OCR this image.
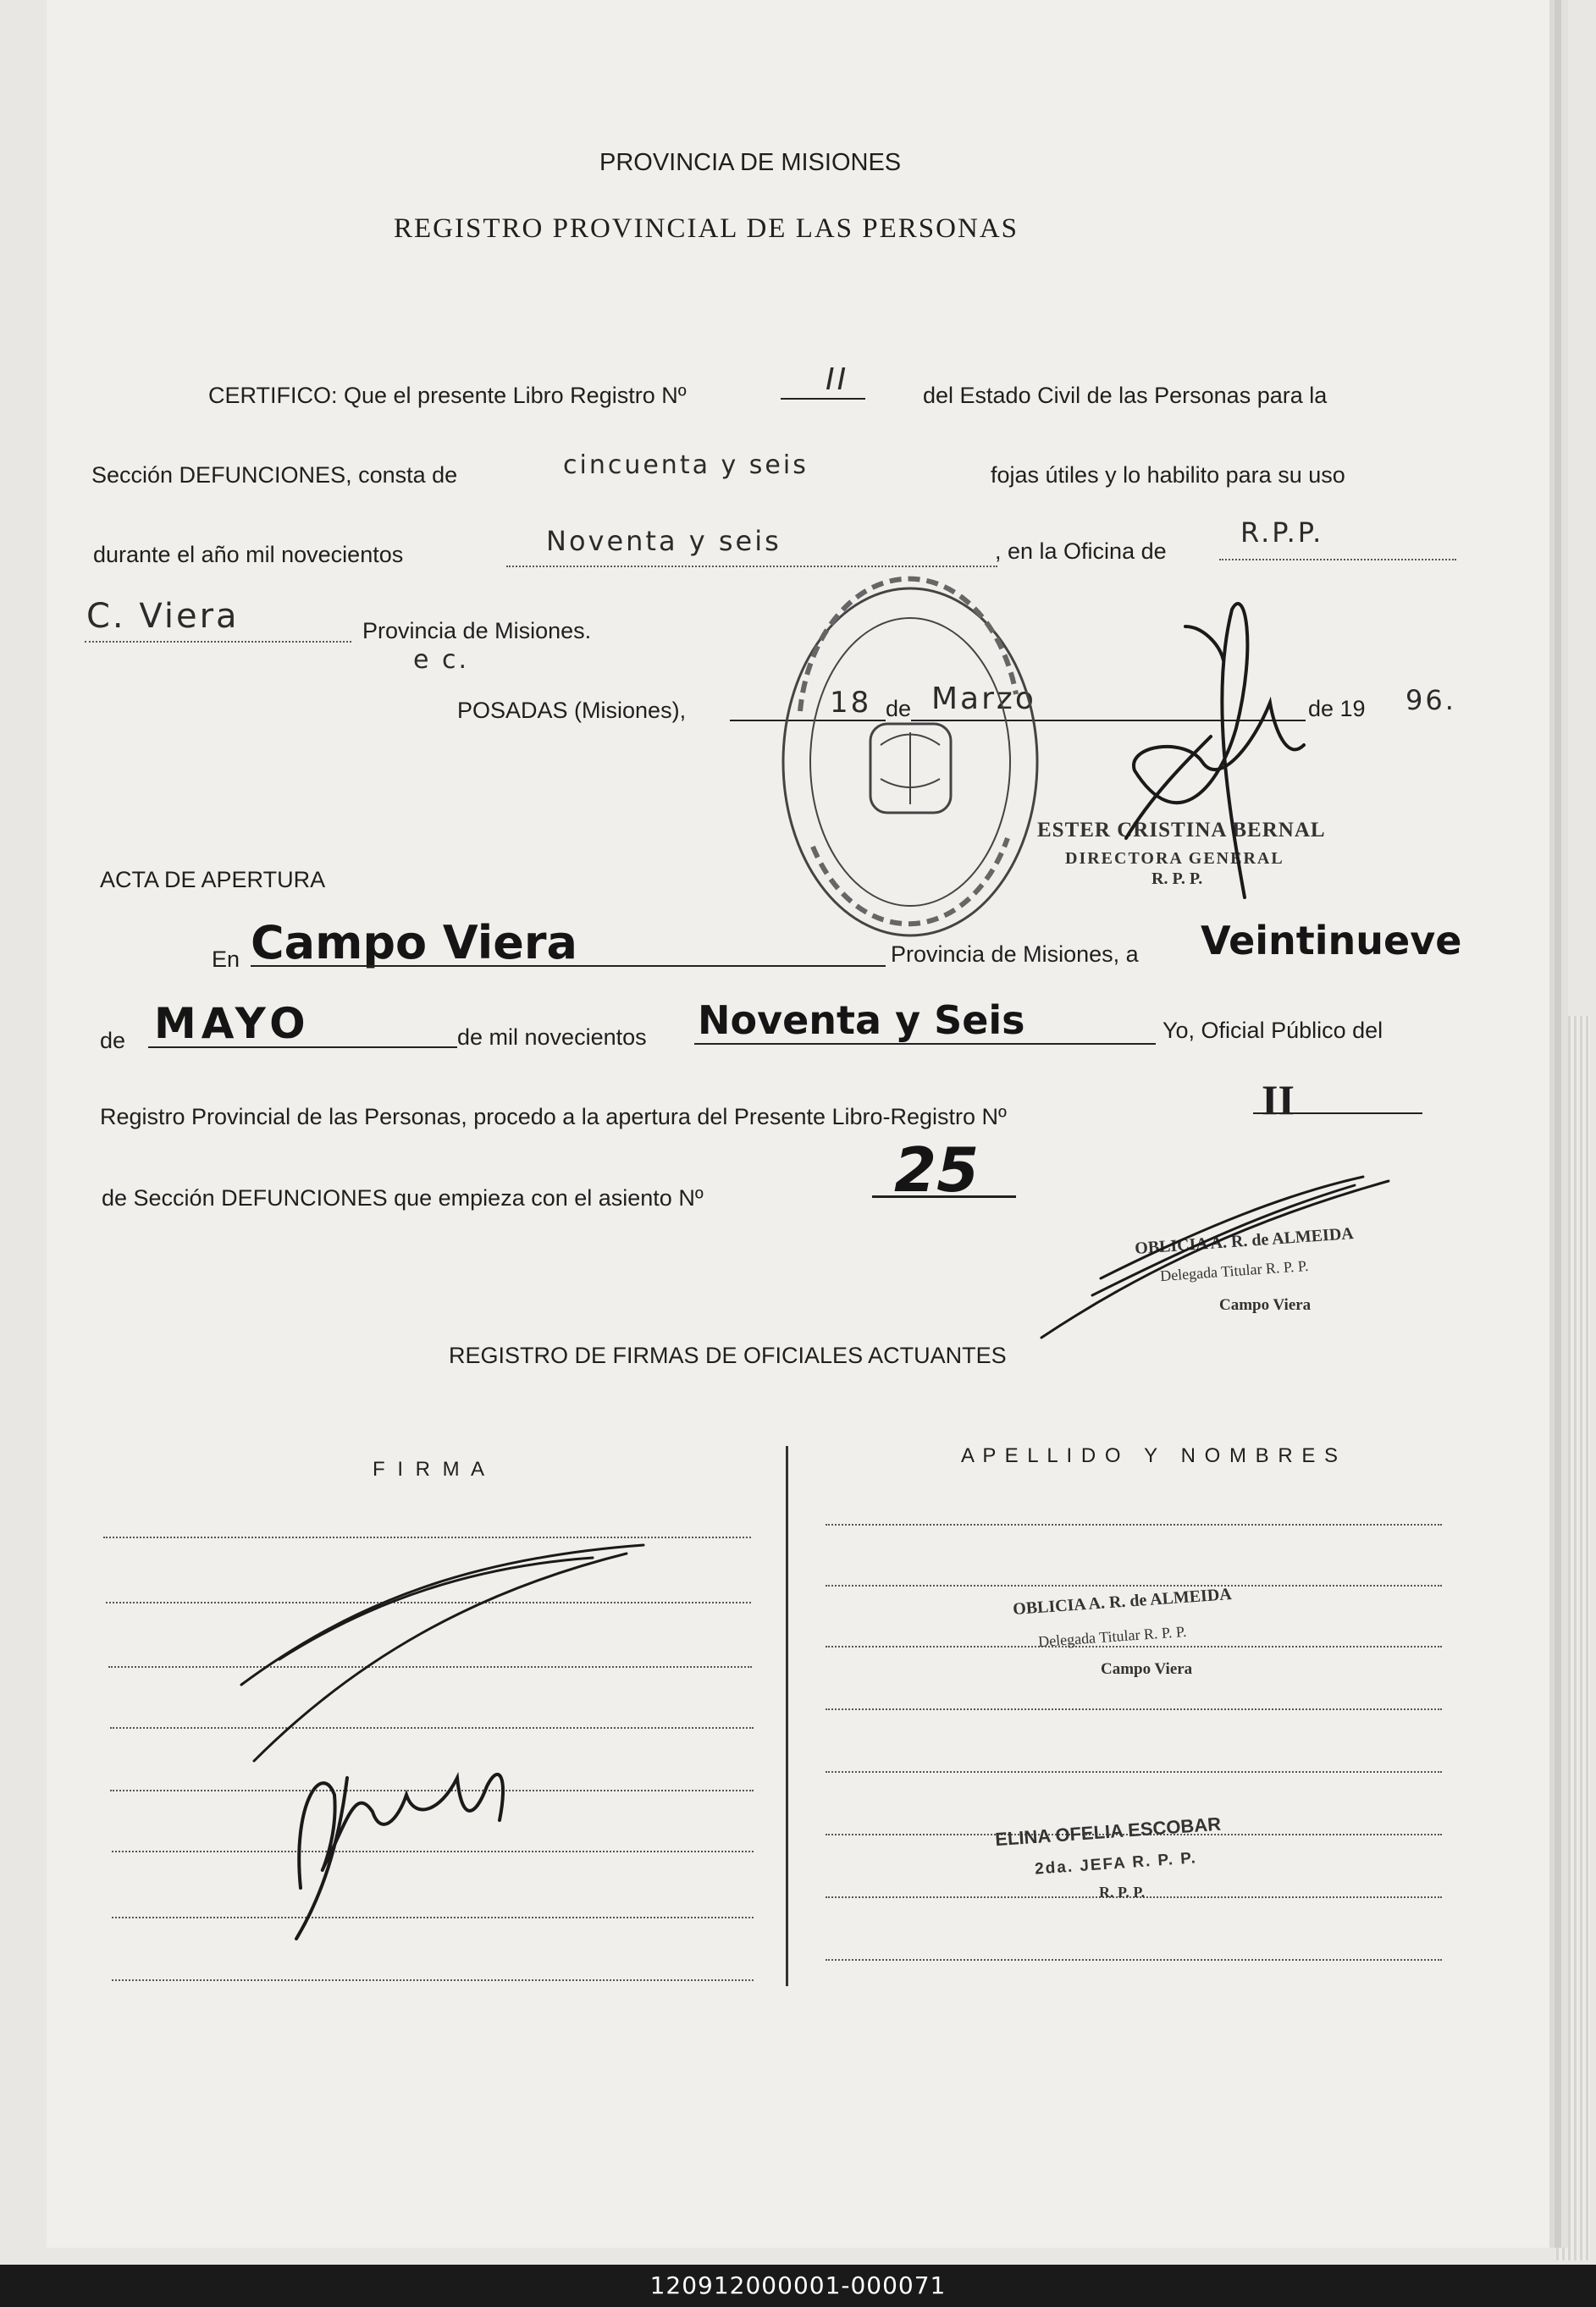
PROVINCIA DE MISIONES
REGISTRO PROVINCIAL DE LAS PERSONAS
CERTIFICO: Que el presente Libro Registro Nº	II	del Estado Civil de las Personas para la
Sección DEFUNCIONES, consta de	cincuenta y seis	fojas útiles y lo habilito para su uso
durante el año mil novecientos	Noventa y seis	, en la Oficina de
R.P.P.
C. Viera	Provincia de Misiones.
e c.
POSADAS (Misiones),	18 de Marzo	de 19 96.
ESTER CRISTINA BERNAL
DIRECTORA GENERAL
R. P. P.
ACTA DE APERTURA
En Campo Viera	Provincia de Misiones, a Veintinueve
de MAYO	de mil novecientos Noventa y Seis	Yo, Oficial Público del
Registro Provincial de las Personas, procedo a la apertura del Presente Libro-Registro Nº	II
de Sección DEFUNCIONES que empieza con el asiento Nº	25
OBLICIA A. R. de ALMEIDA
Delegada Titular R. P. P.
Campo Viera
REGISTRO DE FIRMAS DE OFICIALES ACTUANTES
F I R M A
A P E L L I D O   Y   N O M B R E S
OBLICIA A. R. de ALMEIDA
Delegada Titular R. P. P.
Campo Viera
ELINA OFELIA ESCOBAR
2da. JEFA R. P. P.
R. P. P.
120912000001-000071
